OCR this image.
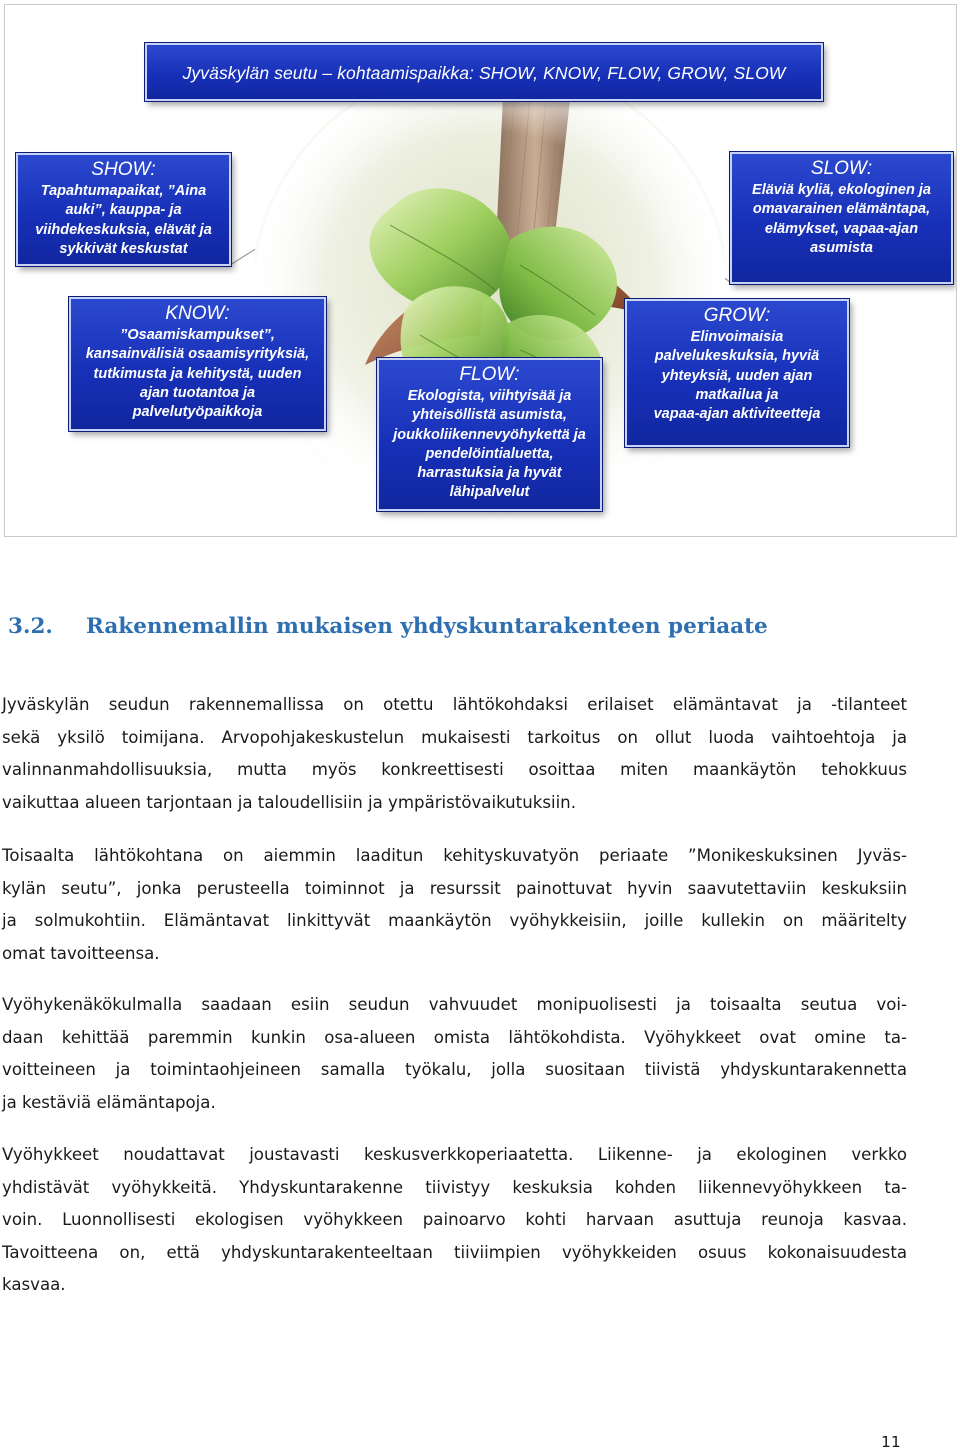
Jyväskylän seutu – kohtaamispaikka: SHOW, KNOW, FLOW, GROW, SLOW
SHOW:
Tapahtumapaikat, ”Aina
auki”, kauppa- ja
viihdekeskuksia, elävät ja
sykkivät keskustat
SLOW:
Eläviä kyliä, ekologinen ja
omavarainen elämäntapa,
elämykset, vapaa-ajan
asumista
KNOW:
”Osaamiskampukset”,
kansainvälisiä osaamisyrityksiä,
tutkimusta ja kehitystä, uuden
ajan tuotantoa ja
palvelutyöpaikkoja
GROW:
Elinvoimaisia
palvelukeskuksia, hyviä
yhteyksiä, uuden ajan
matkailua ja
vapaa-ajan aktiviteetteja
FLOW:
Ekologista, viihtyisää ja
yhteisöllistä asumista,
joukkoliikennevyöhykettä ja
pendelöintialuetta,
harrastuksia ja hyvät
lähipalvelut
3.2. Rakennemallin mukaisen yhdyskuntarakenteen periaate
Jyväskylän seudun rakennemallissa on otettu lähtökohdaksi erilaiset elämäntavat ja -tilanteet
sekä yksilö toimijana. Arvopohjakeskustelun mukaisesti tarkoitus on ollut luoda vaihtoehtoja ja
valinnanmahdollisuuksia, mutta myös konkreettisesti osoittaa miten maankäytön tehokkuus
vaikuttaa alueen tarjontaan ja taloudellisiin ja ympäristövaikutuksiin.
Toisaalta lähtökohtana on aiemmin laaditun kehityskuvatyön periaate ”Monikeskuksinen Jyväs-
kylän seutu”, jonka perusteella toiminnot ja resurssit painottuvat hyvin saavutettaviin keskuksiin
ja solmukohtiin. Elämäntavat linkittyvät maankäytön vyöhykkeisiin, joille kullekin on määritelty
omat tavoitteensa.
Vyöhykenäkökulmalla saadaan esiin seudun vahvuudet monipuolisesti ja toisaalta seutua voi-
daan kehittää paremmin kunkin osa-alueen omista lähtökohdista. Vyöhykkeet ovat omine ta-
voitteineen ja toimintaohjeineen samalla työkalu, jolla suositaan tiivistä yhdyskuntarakennetta
ja kestäviä elämäntapoja.
Vyöhykkeet noudattavat joustavasti keskusverkkoperiaatetta. Liikenne- ja ekologinen verkko
yhdistävät vyöhykkeitä. Yhdyskuntarakenne tiivistyy keskuksia kohden liikennevyöhykkeen ta-
voin. Luonnollisesti ekologisen vyöhykkeen painoarvo kohti harvaan asuttuja reunoja kasvaa.
Tavoitteena on, että yhdyskuntarakenteeltaan tiiviimpien vyöhykkeiden osuus kokonaisuudesta
kasvaa.
11
